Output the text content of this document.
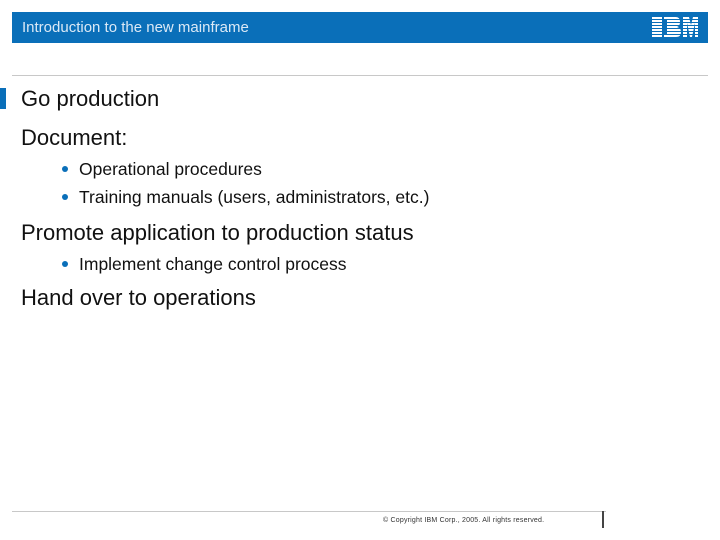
Introduction to the new mainframe
Go production
Document:
Operational procedures
Training manuals (users, administrators, etc.)
Promote application to production status
Implement change control process
Hand over to operations
© Copyright IBM Corp., 2005. All rights reserved.
